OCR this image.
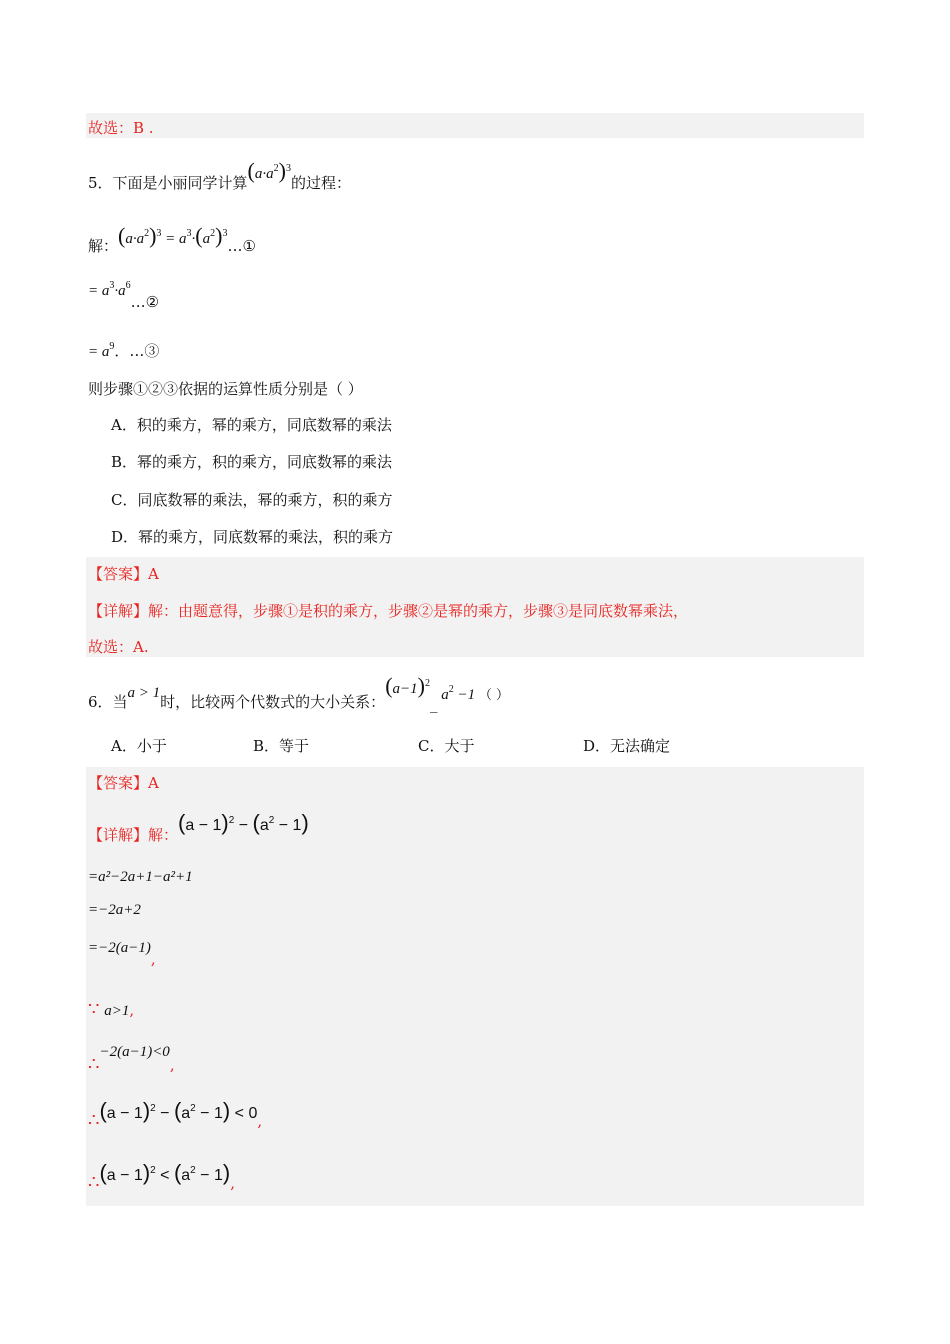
故选：B .
5．下面是小丽同学计算$(a\cdot a^2)^3$的过程：
解：$(a\cdot a^2)^3$ = $a^3\cdot(a^2)^3\dots ①$
= $a^3\cdot a^6\dots ②$
= $a^9$．…③
则步骤①②③依据的运算性质分别是（ ）
A．积的乘方，幂的乘方，同底数幂的乘法
B．幂的乘方，积的乘方，同底数幂的乘法
C．同底数幂的乘法，幂的乘方，积的乘方
D．幂的乘方，同底数幂的乘法，积的乘方
【答案】A
【详解】解：由题意得，步骤①是积的乘方，步骤②是幂的乘方，步骤③是同底数幂乘法，
故选：A.
6．当a > 1时，比较两个代数式的大小关系：$(a-1)^2\_$ $a^2 -1$ （ ）
A．小于	B．等于	C．大于	D．无法确定
【答案】A
【详解】解：$(a - 1)^2 - (a^2 - 1)$
=a²−2a+1−a²+1
=−2a+2
=−2(a−1),
∵ a>1,
∴−2(a−1)<0,
∴(a − $1)^2 - (a^2 - 1) < 0$,
∴(a − $1)^2 < (a^2 - 1)$,
